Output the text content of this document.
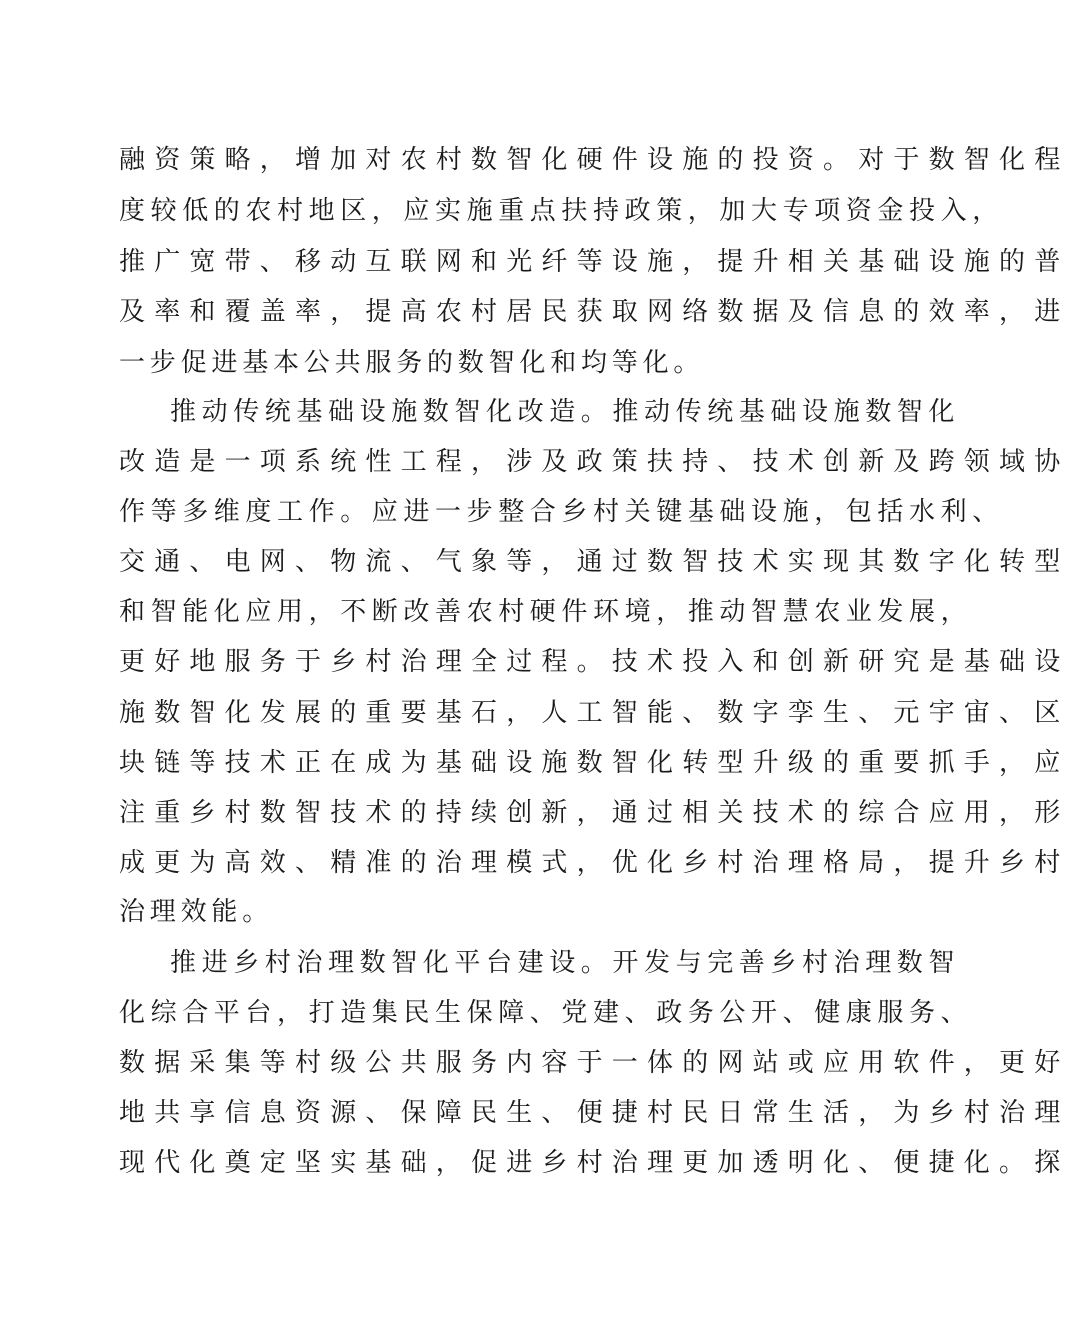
融资策略，增加对农村数智化硬件设施的投资。对于数智化程
度较低的农村地区，应实施重点扶持政策，加大专项资金投入，
推广宽带、移动互联网和光纤等设施，提升相关基础设施的普
及率和覆盖率，提高农村居民获取网络数据及信息的效率，进
一步促进基本公共服务的数智化和均等化。
推动传统基础设施数智化改造。推动传统基础设施数智化
改造是一项系统性工程，涉及政策扶持、技术创新及跨领域协
作等多维度工作。应进一步整合乡村关键基础设施，包括水利、
交通、电网、物流、气象等，通过数智技术实现其数字化转型
和智能化应用，不断改善农村硬件环境，推动智慧农业发展，
更好地服务于乡村治理全过程。技术投入和创新研究是基础设
施数智化发展的重要基石，人工智能、数字孪生、元宇宙、区
块链等技术正在成为基础设施数智化转型升级的重要抓手，应
注重乡村数智技术的持续创新，通过相关技术的综合应用，形
成更为高效、精准的治理模式，优化乡村治理格局，提升乡村
治理效能。
推进乡村治理数智化平台建设。开发与完善乡村治理数智
化综合平台，打造集民生保障、党建、政务公开、健康服务、
数据采集等村级公共服务内容于一体的网站或应用软件，更好
地共享信息资源、保障民生、便捷村民日常生活，为乡村治理
现代化奠定坚实基础，促进乡村治理更加透明化、便捷化。探
